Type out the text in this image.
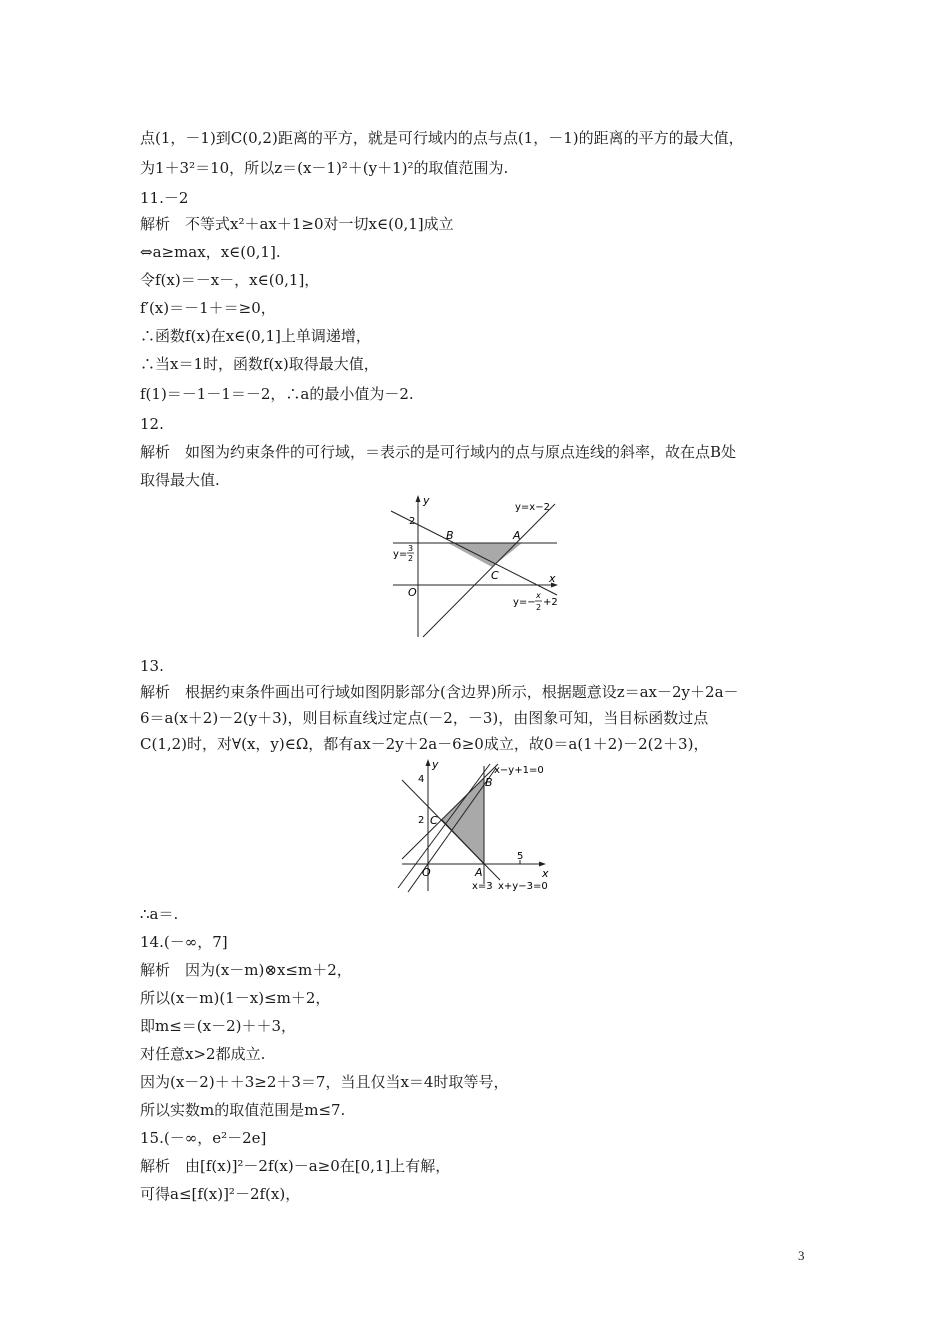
点(1，－1)到C(0,2)距离的平方，就是可行域内的点与点(1，－1)的距离的平方的最大值，
为1＋3²＝10，所以z＝(x－1)²＋(y＋1)²的取值范围为.
11.－2
解析　不等式x²＋ax＋1≥0对一切x∈(0,1]成立
⇔a≥max，x∈(0,1].
令f(x)＝－x－，x∈(0,1]，
f′(x)＝－1＋＝≥0，
∴函数f(x)在x∈(0,1]上单调递增，
∴当x＝1时，函数f(x)取得最大值，
f(1)＝－1－1＝－2，∴a的最小值为－2.
12.
解析　如图为约束条件的可行域，＝表示的是可行域内的点与原点连线的斜率，故在点B处
取得最大值.
13.
解析　根据约束条件画出可行域如图阴影部分(含边界)所示，根据题意设z＝ax－2y＋2a－
6＝a(x＋2)－2(y＋3)，则目标直线过定点(－2，－3)，由图象可知，当目标函数过点
C(1,2)时，对∀(x，y)∈Ω，都有ax－2y＋2a－6≥0成立，故0＝a(1＋2)－2(2＋3)，
∴a＝.
14.(－∞，7]
解析　因为(x－m)⊗x≤m＋2，
所以(x－m)(1－x)≤m＋2，
即m≤＝(x－2)＋＋3，
对任意x>2都成立.
因为(x－2)＋＋3≥2＋3＝7，当且仅当x＝4时取等号，
所以实数m的取值范围是m≤7.
15.(－∞，e²－2e]
解析　由[f(x)]²－2f(x)－a≥0在[0,1]上有解，
可得a≤[f(x)]²－2f(x)，
y
x
O
2
B	A
C
y=x−2
y=
3
2
y=−
x
2 +2
y
x
O
4
2
5
A
B
C
x−y+1=0
x=3 x+y−3=0
3
